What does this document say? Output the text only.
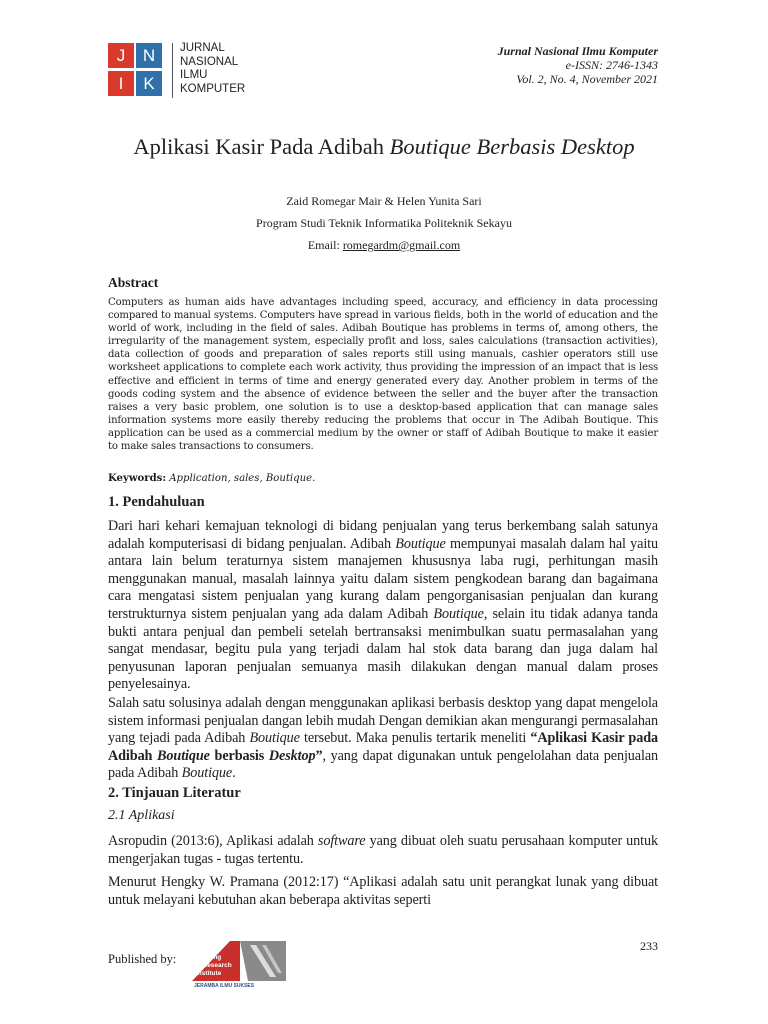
J	N
I	K
JURNAL
NASIONAL
ILMU
KOMPUTER
Jurnal Nasional Ilmu Komputer
e-ISSN: 2746-1343
Vol. 2, No. 4, November 2021
Aplikasi Kasir Pada Adibah Boutique Berbasis Desktop
Zaid Romegar Mair & Helen Yunita Sari
Program Studi Teknik Informatika Politeknik Sekayu
Email: romegardm@gmail.com
Abstract
Computers as human aids have advantages including speed, accuracy, and efficiency in data processing compared to manual systems. Computers have spread in various fields, both in the world of education and the world of work, including in the field of sales. Adibah Boutique has problems in terms of, among others, the irregularity of the management system, especially profit and loss, sales calculations (transaction activities), data collection of goods and preparation of sales reports still using manuals, cashier operators still use worksheet applications to complete each work activity, thus providing the impression of an impact that is less effective and efficient in terms of time and energy generated every day. Another problem in terms of the goods coding system and the absence of evidence between the seller and the buyer after the transaction raises a very basic problem, one solution is to use a desktop-based application that can manage sales information systems more easily thereby reducing the problems that occur in The Adibah Boutique. This application can be used as a commercial medium by the owner or staff of Adibah Boutique to make it easier to make sales transactions to consumers.
Keywords: Application, sales, Boutique.
1. Pendahuluan
Dari hari kehari kemajuan teknologi di bidang penjualan yang terus berkembang salah satunya adalah komputerisasi di bidang penjualan. Adibah Boutique mempunyai masalah dalam hal yaitu antara lain belum teraturnya sistem manajemen khususnya laba rugi, perhitungan masih menggunakan manual, masalah lainnya yaitu dalam sistem pengkodean barang dan bagaimana cara mengatasi sistem penjualan yang kurang dalam pengorganisasian penjualan dan kurang terstrukturnya sistem penjualan yang ada dalam Adibah Boutique, selain itu tidak adanya tanda bukti antara penjual dan pembeli setelah bertransaksi menimbulkan suatu permasalahan yang sangat mendasar, begitu pula yang terjadi dalam hal stok data barang dan juga dalam hal penyusunan laporan penjualan semuanya masih dilakukan dengan manual dalam proses penyelesainya.
Salah satu solusinya adalah dengan menggunakan aplikasi berbasis desktop yang dapat mengelola sistem informasi penjualan dangan lebih mudah Dengan demikian akan mengurangi permasalahan yang tejadi pada Adibah Boutique tersebut. Maka penulis tertarik meneliti “Aplikasi Kasir pada Adibah Boutique berbasis Desktop”, yang dapat digunakan untuk pengelolahan data penjualan pada Adibah Boutique.
2. Tinjauan Literatur
2.1 Aplikasi
Asropudin (2013:6), Aplikasi adalah software yang dibuat oleh suatu perusahaan komputer untuk mengerjakan tugas - tugas tertentu.
Menurut Hengky W. Pramana (2012:17) “Aplikasi adalah satu unit perangkat lunak yang dibuat untuk melayani kebutuhan akan beberapa aktivitas seperti
233
Published by:	Training
& Research
Institute
JERAMBA ILMU SUKSES
